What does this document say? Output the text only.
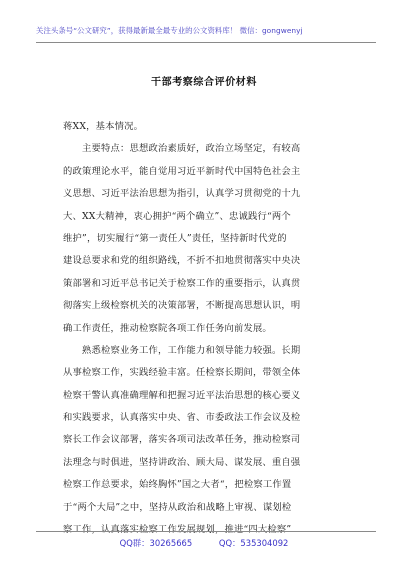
关注头条号“公文研究”，获得最新最全最专业的公文资料库！ 微信：gongwenyj
干部考察综合评价材料

蒋XX，基本情况。

主要特点：思想政治素质好，政治立场坚定，有较高
的政策理论水平，能自觉用习近平新时代中国特色社会主
义思想、习近平法治思想为指引，认真学习贯彻党的十九
大、XX大精神，衷心拥护“两个确立”、忠诚践行“两个
维护”，切实履行“第一责任人”责任，坚持新时代党的
建设总要求和党的组织路线，不折不扣地贯彻落实中央决
策部署和习近平总书记关于检察工作的重要指示，认真贯
彻落实上级检察机关的决策部署，不断提高思想认识，明
确工作责任，推动检察院各项工作任务向前发展。

熟悉检察业务工作，工作能力和领导能力较强。长期
从事检察工作，实践经验丰富。任检察长期间，带领全体
检察干警认真准确理解和把握习近平法治思想的核心要义
和实践要求，认真落实中央、省、市委政法工作会议及检
察长工作会议部署，落实各项司法改革任务，推动检察司
法理念与时俱进，坚持讲政治、顾大局、谋发展、重自强
检察工作总要求，始终胸怀”国之大者“，把检察工作置
于“两个大局”之中，坚持从政治和战略上审视、谋划检
察工作，认真落实检察工作发展规划，推进“四大检察”

QQ群：30265665	QQ：535304092
